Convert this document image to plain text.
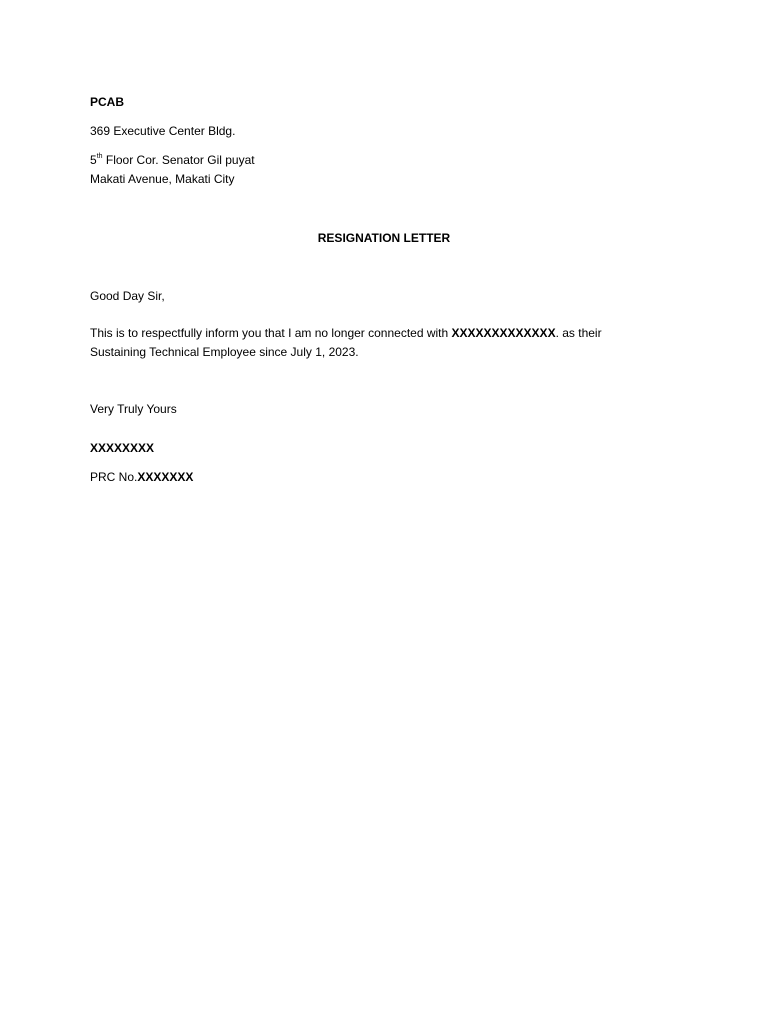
PCAB
369 Executive Center Bldg.
5th Floor Cor. Senator Gil puyat
Makati Avenue, Makati City
RESIGNATION LETTER
Good Day Sir,
This is to respectfully inform you that I am no longer connected with XXXXXXXXXXXXX. as their
Sustaining Technical Employee since July 1, 2023.
Very Truly Yours
XXXXXXXX
PRC No.XXXXXXX
